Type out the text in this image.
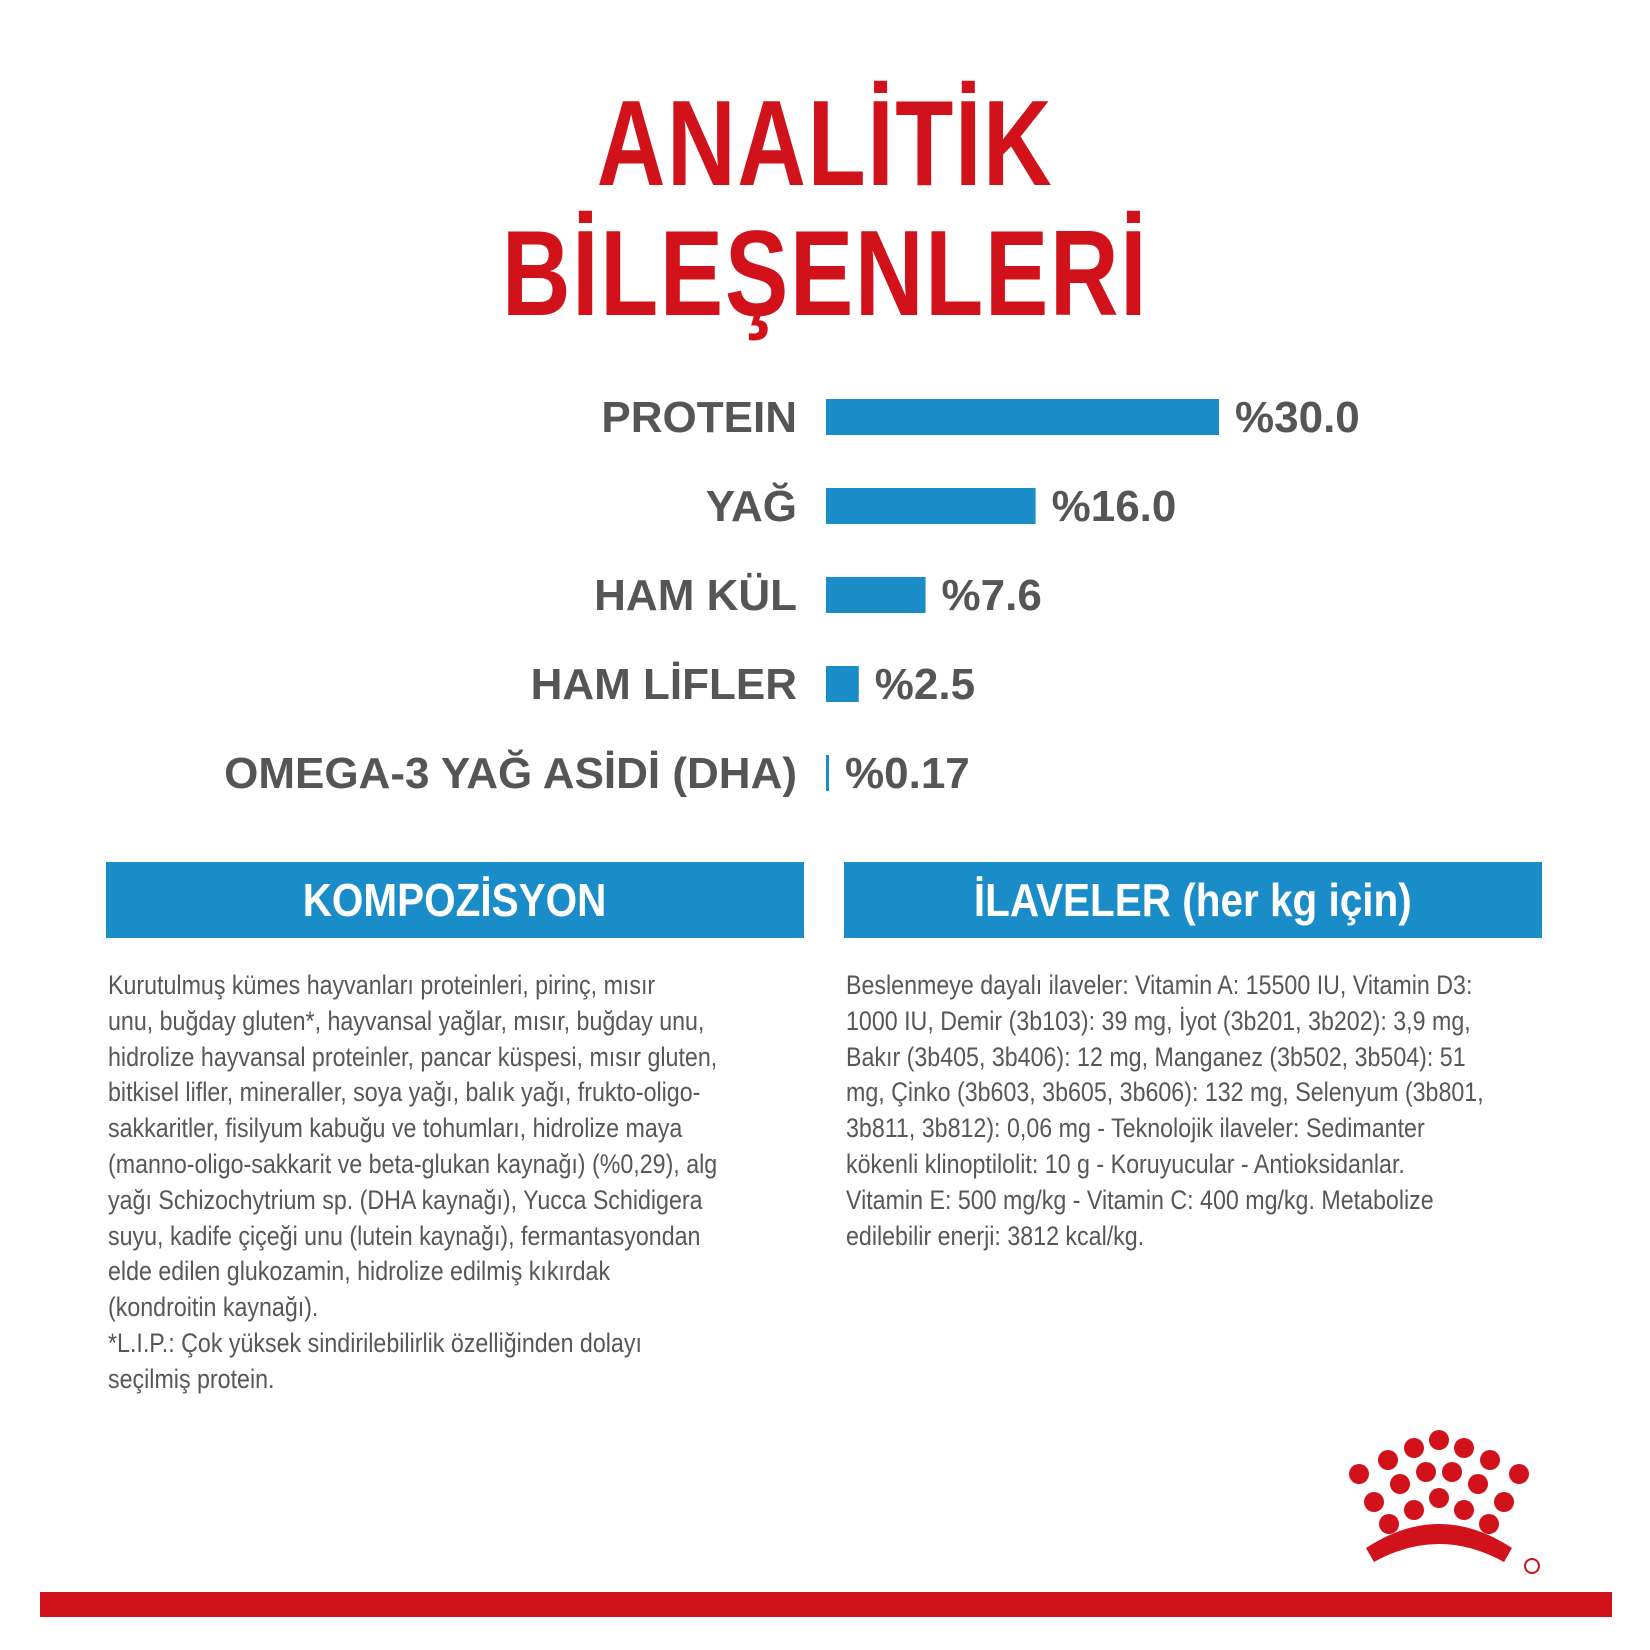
ANALİTİK
BİLEŞENLERİ
PROTEIN	%30.0
YAĞ	%16.0
HAM KÜL	%7.6
HAM LİFLER %2.5
OMEGA-3 YAĞ ASİDİ (DHA) %0.17
KOMPOZİSYON
Kurutulmuş kümes hayvanları proteinleri, pirinç, mısır
unu, buğday gluten*, hayvansal yağlar, mısır, buğday unu,
hidrolize hayvansal proteinler, pancar küspesi, mısır gluten,
bitkisel lifler, mineraller, soya yağı, balık yağı, frukto-oligo-
sakkaritler, fisilyum kabuğu ve tohumları, hidrolize maya
(manno-oligo-sakkarit ve beta-glukan kaynağı) (%0,29), alg
yağı Schizochytrium sp. (DHA kaynağı), Yucca Schidigera
suyu, kadife çiçeği unu (lutein kaynağı), fermantasyondan
elde edilen glukozamin, hidrolize edilmiş kıkırdak
(kondroitin kaynağı).
*L.I.P.: Çok yüksek sindirilebilirlik özelliğinden dolayı
seçilmiş protein.
İLAVELER (her kg için)
Beslenmeye dayalı ilaveler: Vitamin A: 15500 IU, Vitamin D3:
1000 IU, Demir (3b103): 39 mg, İyot (3b201, 3b202): 3,9 mg,
Bakır (3b405, 3b406): 12 mg, Manganez (3b502, 3b504): 51
mg, Çinko (3b603, 3b605, 3b606): 132 mg, Selenyum (3b801,
3b811, 3b812): 0,06 mg - Teknolojik ilaveler: Sedimanter
kökenli klinoptilolit: 10 g - Koruyucular - Antioksidanlar.
Vitamin E: 500 mg/kg - Vitamin C: 400 mg/kg. Metabolize
edilebilir enerji: 3812 kcal/kg.
